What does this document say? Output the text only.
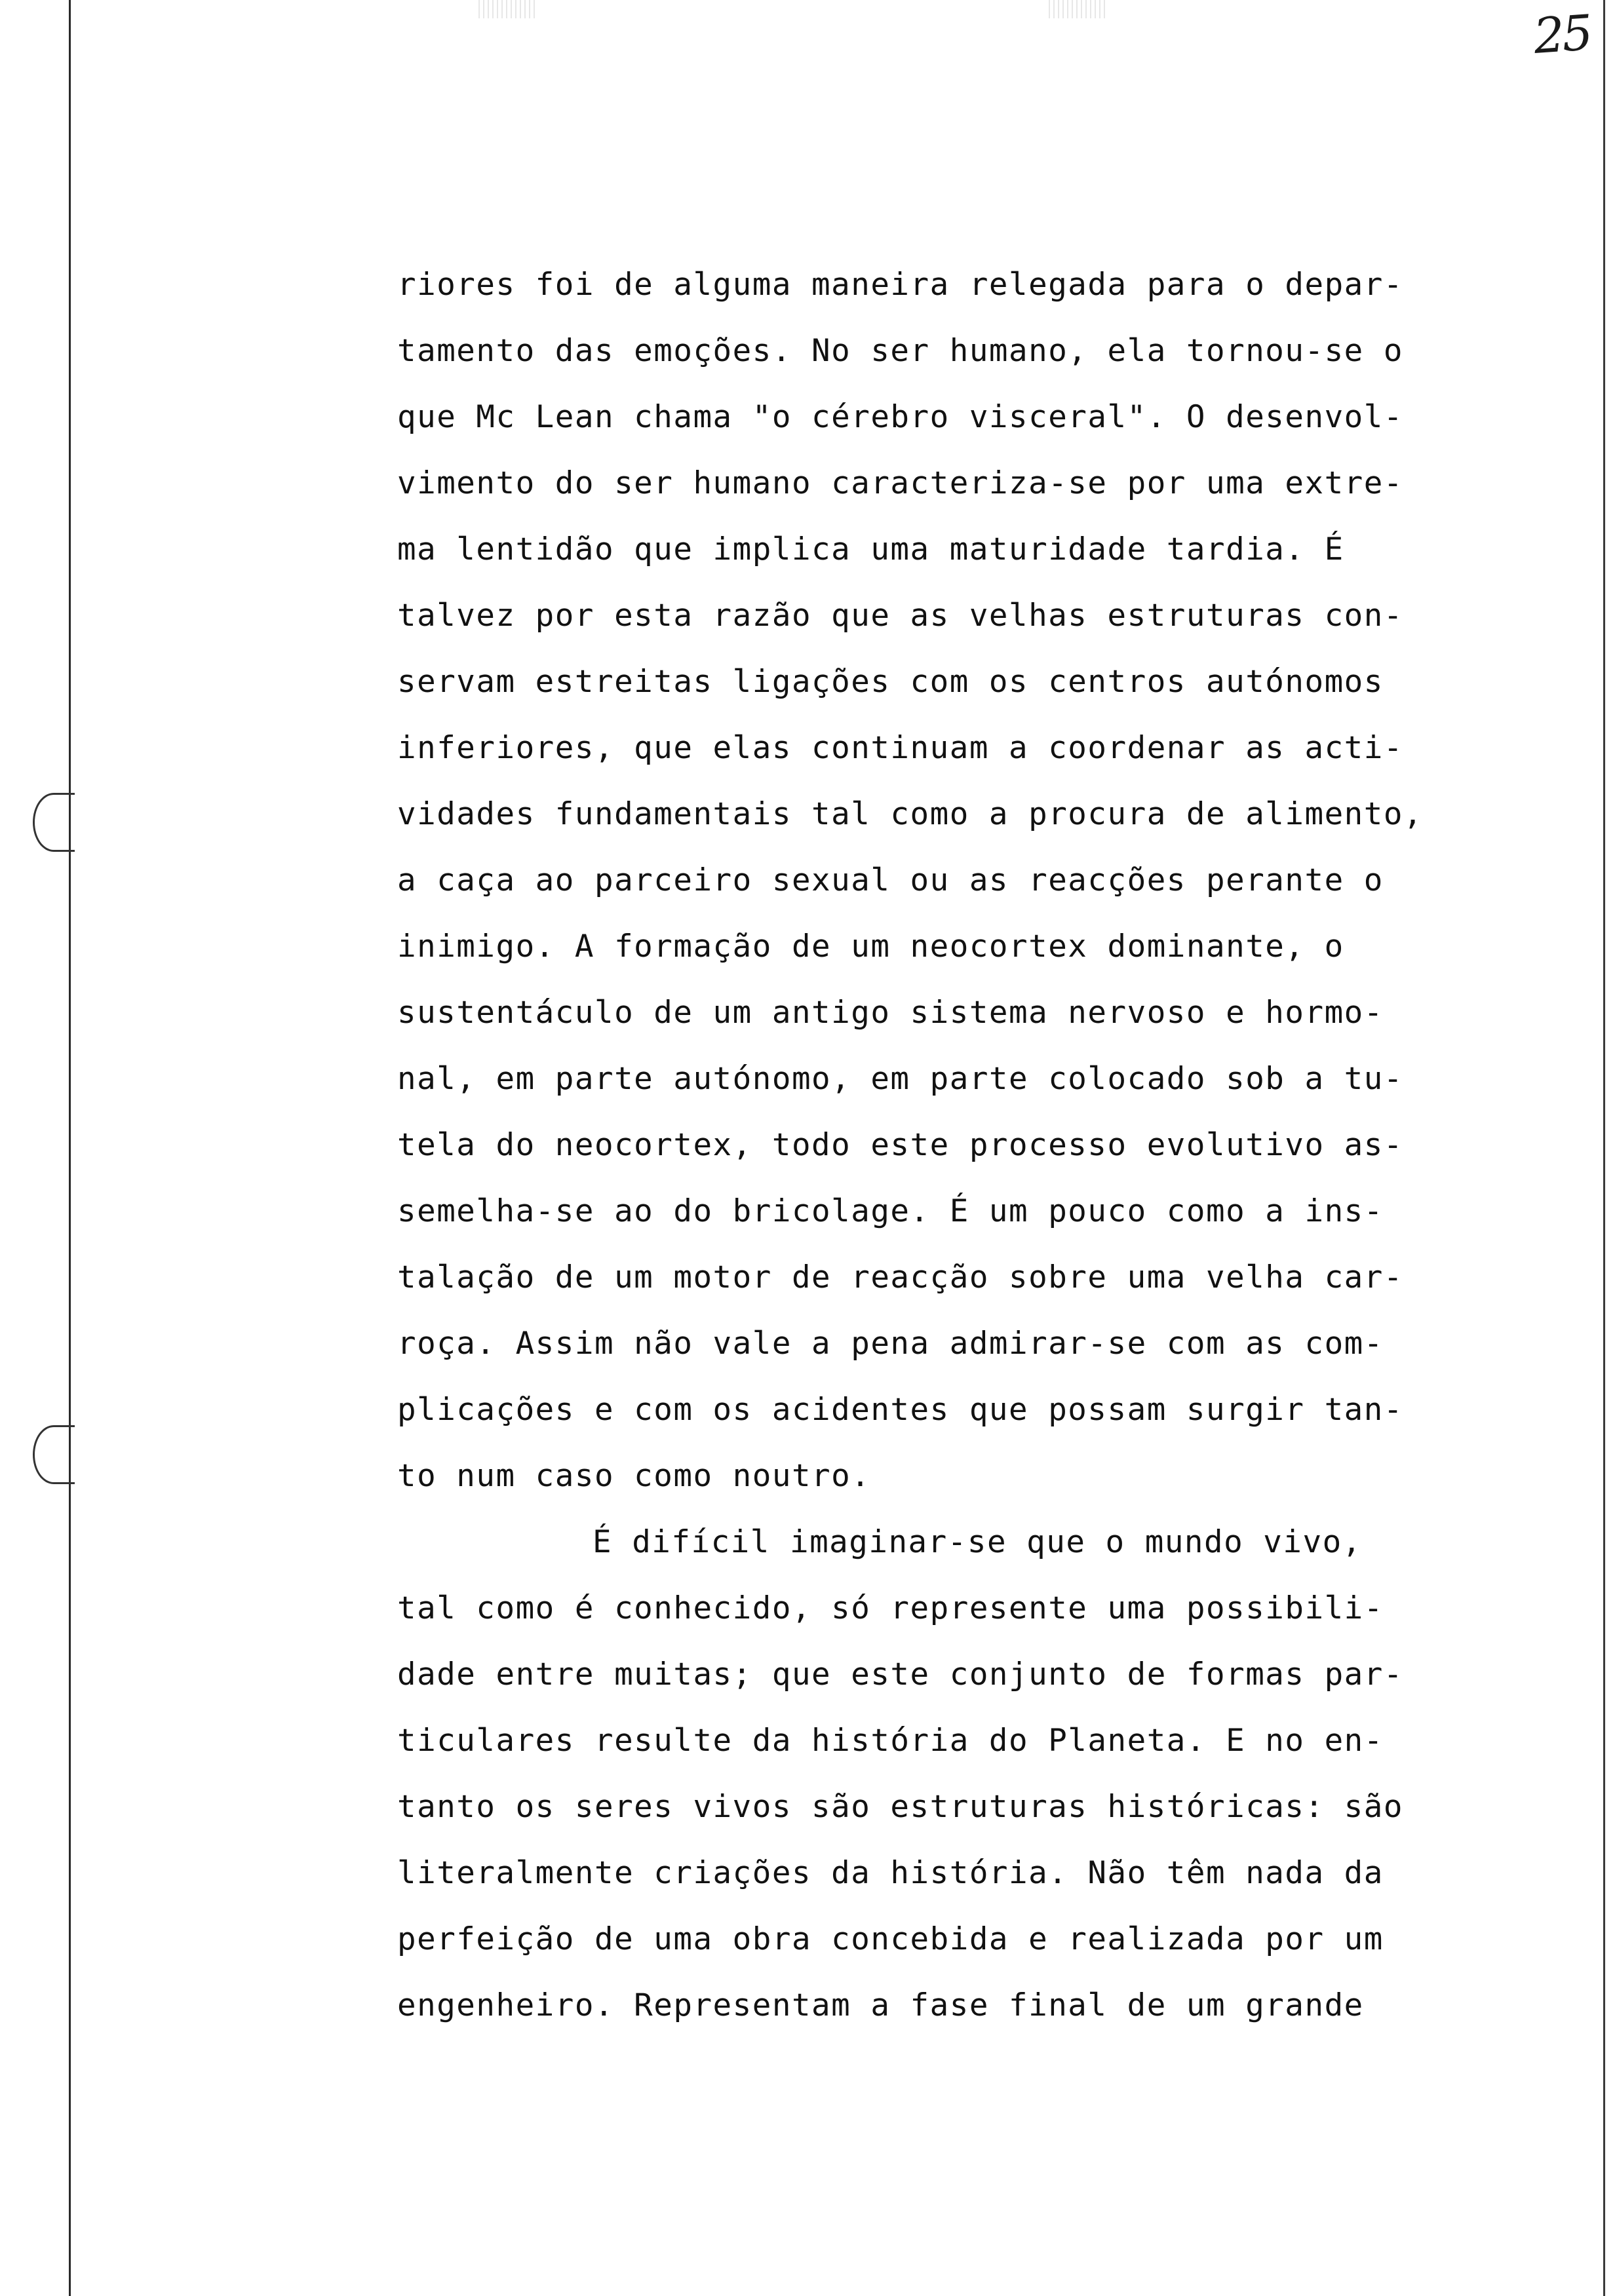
25
riores foi de alguma maneira relegada para o depar-
tamento das emoções. No ser humano, ela tornou-se o
que Mc Lean chama "o cérebro visceral". O desenvol-
vimento do ser humano caracteriza-se por uma extre-
ma lentidão que implica uma maturidade tardia. É
talvez por esta razão que as velhas estruturas con-
servam estreitas ligações com os centros autónomos
inferiores, que elas continuam a coordenar as acti-
vidades fundamentais tal como a procura de alimento,
a caça ao parceiro sexual ou as reacções perante o
inimigo. A formação de um neocortex dominante, o
sustentáculo de um antigo sistema nervoso e hormo-
nal, em parte autónomo, em parte colocado sob a tu-
tela do neocortex, todo este processo evolutivo as-
semelha-se ao do bricolage. É um pouco como a ins-
talação de um motor de reacção sobre uma velha car-
roça. Assim não vale a pena admirar-se com as com-
plicações e com os acidentes que possam surgir tan-
to num caso como noutro.
É difícil imaginar-se que o mundo vivo,
tal como é conhecido, só represente uma possibili-
dade entre muitas; que este conjunto de formas par-
ticulares resulte da história do Planeta. E no en-
tanto os seres vivos são estruturas históricas: são
literalmente criações da história. Não têm nada da
perfeição de uma obra concebida e realizada por um
engenheiro. Representam a fase final de um grande
